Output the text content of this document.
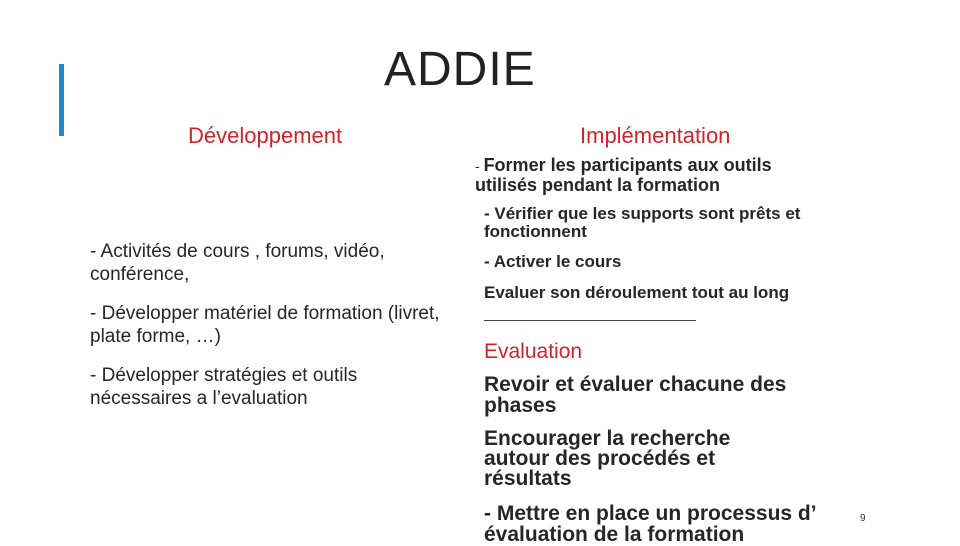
ADDIE
Développement	Implémentation

- Activités de cours , forums, vidéo, conférence,

- Développer matériel de formation (livret, plate forme, …)

- Développer stratégies et outils nécessaires a l’evaluation

- Former les participants aux outils utilisés pendant la formation
- Vérifier que les supports sont prêts et fonctionnent
- Activer le cours
Evaluer son déroulement tout au long
Evaluation
Revoir et évaluer chacune des phases
Encourager la recherche autour des procédés et résultats
- Mettre en place un processus d’ évaluation de la formation
9
